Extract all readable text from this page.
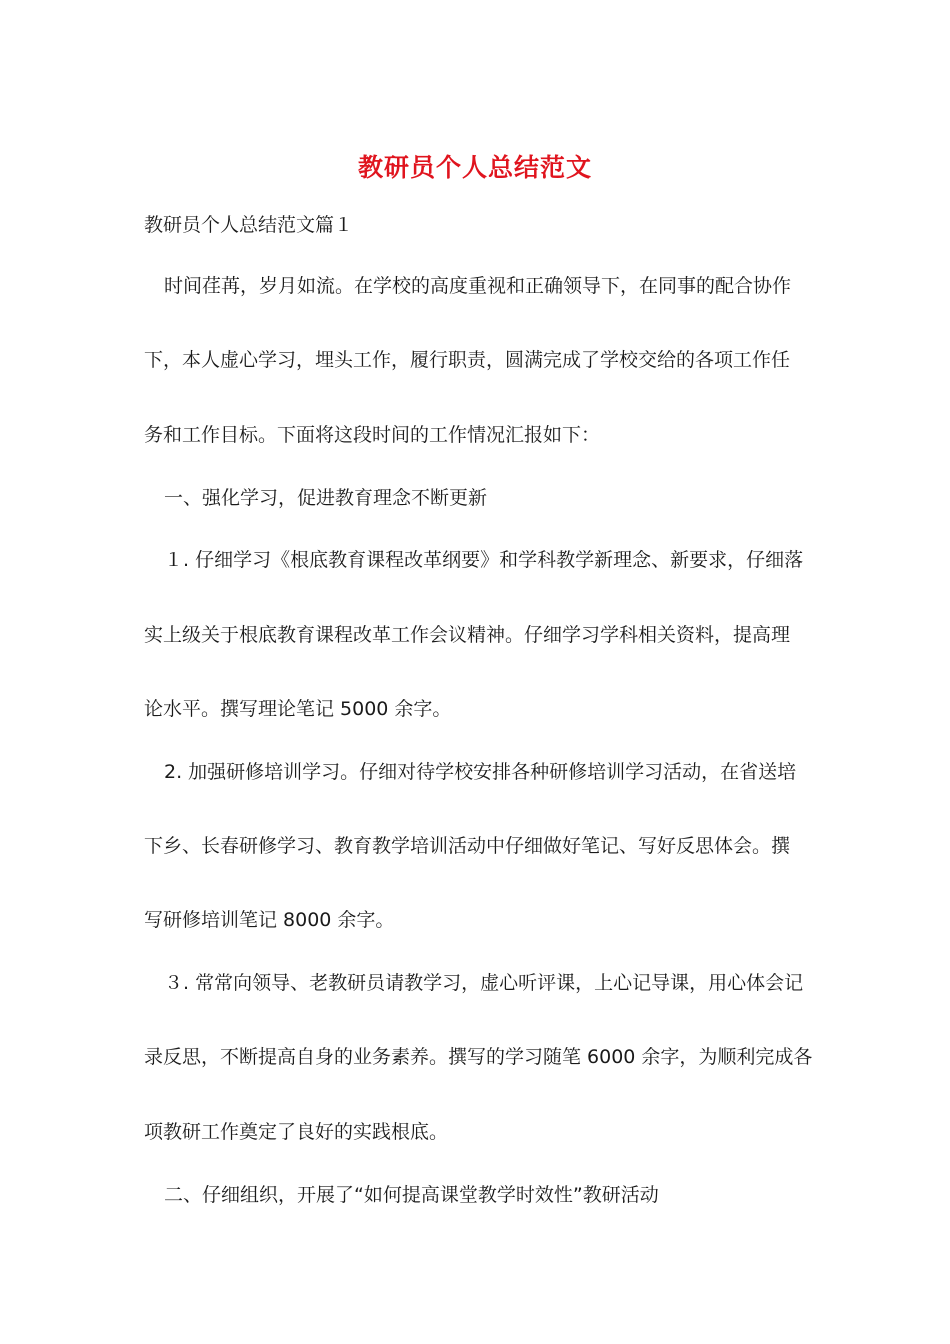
教研员个人总结范文
教研员个人总结范文篇１
时间荏苒，岁月如流。在学校的高度重视和正确领导下，在同事的配合协作
下，本人虚心学习，埋头工作，履行职责，圆满完成了学校交给的各项工作任
务和工作目标。下面将这段时间的工作情况汇报如下：
一、强化学习，促进教育理念不断更新
１. 仔细学习《根底教育课程改革纲要》和学科教学新理念、新要求，仔细落
实上级关于根底教育课程改革工作会议精神。仔细学习学科相关资料，提高理
论水平。撰写理论笔记 5000 余字。
2. 加强研修培训学习。仔细对待学校安排各种研修培训学习活动，在省送培
下乡、长春研修学习、教育教学培训活动中仔细做好笔记、写好反思体会。撰
写研修培训笔记 8000 余字。
３. 常常向领导、老教研员请教学习，虚心听评课，上心记导课，用心体会记
录反思，不断提高自身的业务素养。撰写的学习随笔 6000 余字，为顺利完成各
项教研工作奠定了良好的实践根底。
二、仔细组织，开展了“如何提高课堂教学时效性”教研活动
